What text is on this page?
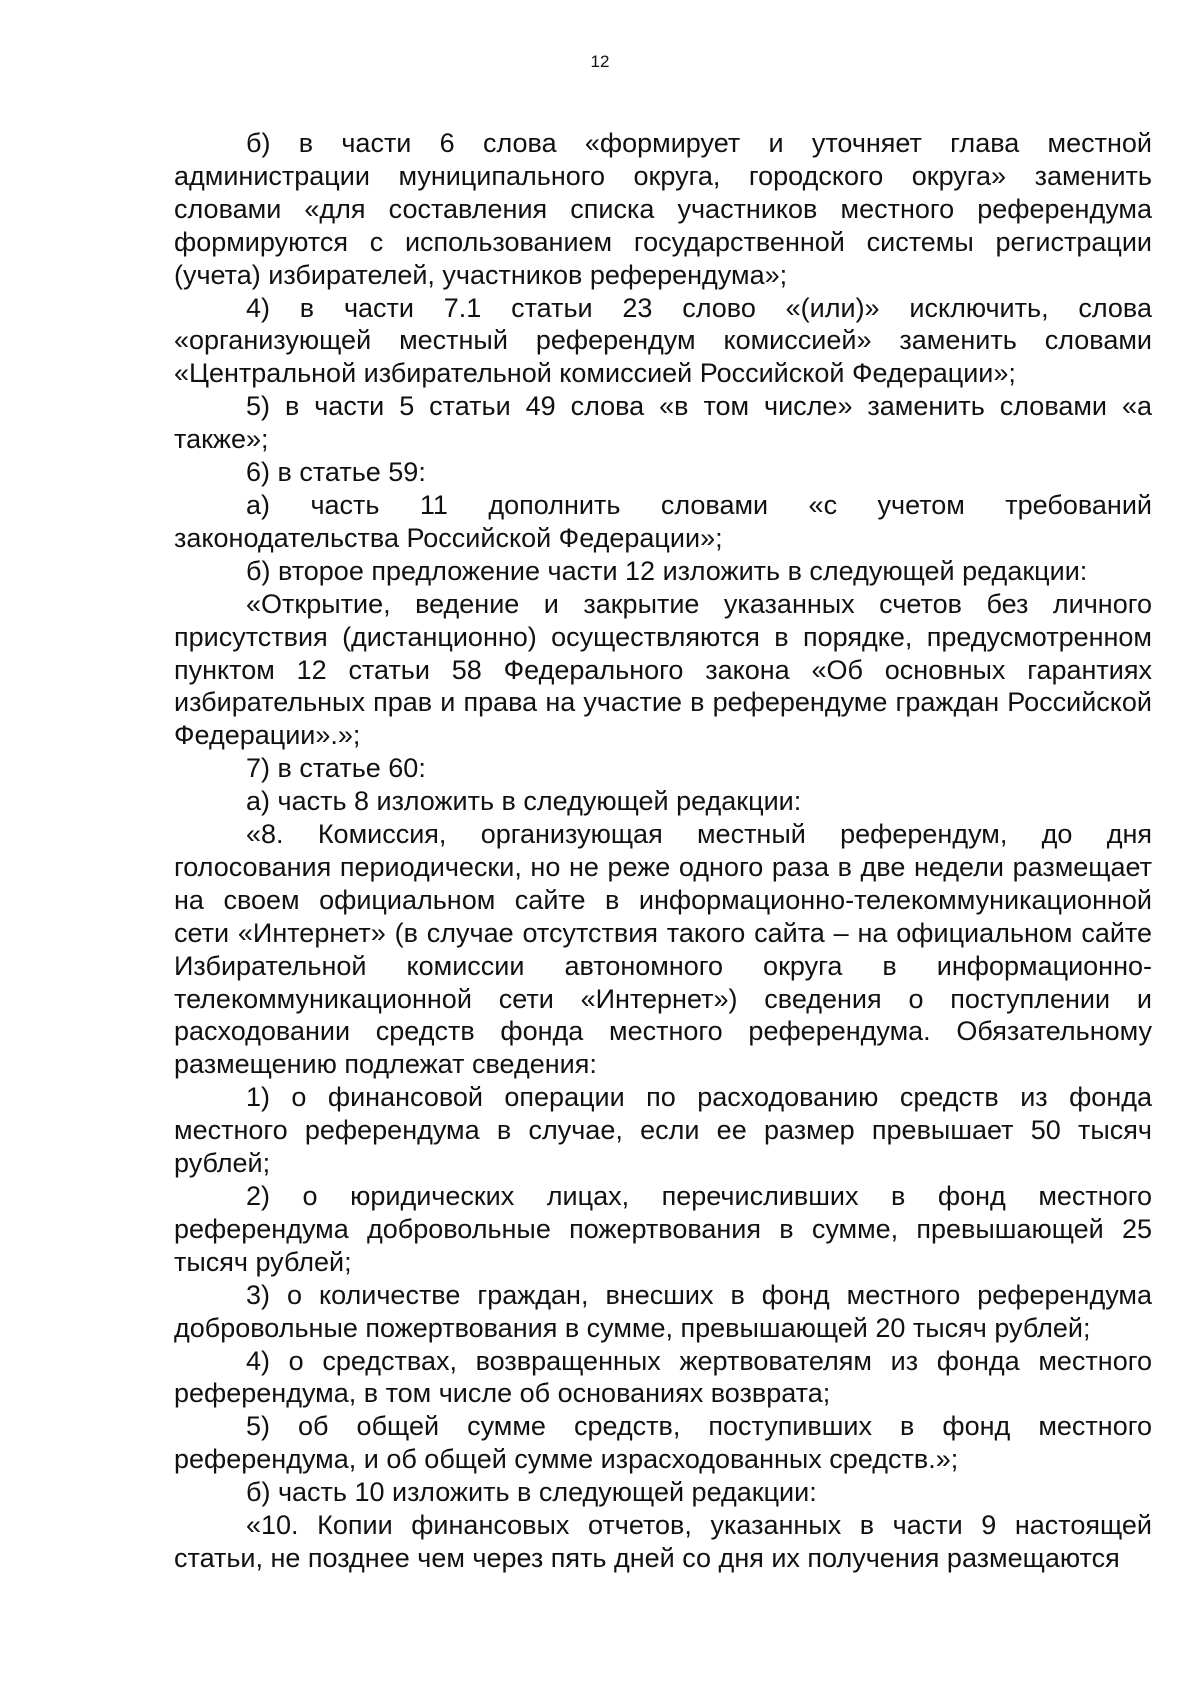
12

б) в части 6 слова «формирует и уточняет глава местной администрации муниципального округа, городского округа» заменить словами «для составления списка участников местного референдума формируются с использованием государственной системы регистрации (учета) избирателей, участников референдума»;

4) в части 7.1 статьи 23 слово «(или)» исключить, слова «организующей местный референдум комиссией» заменить словами «Центральной избирательной комиссией Российской Федерации»;

5) в части 5 статьи 49 слова «в том числе» заменить словами «а также»;

6) в статье 59:

а) часть 11 дополнить словами «с учетом требований законодательства Российской Федерации»;

б) второе предложение части 12 изложить в следующей редакции:

«Открытие, ведение и закрытие указанных счетов без личного присутствия (дистанционно) осуществляются в порядке, предусмотренном пунктом 12 статьи 58 Федерального закона «Об основных гарантиях избирательных прав и права на участие в референдуме граждан Российской Федерации».»;

7) в статье 60:

а) часть 8 изложить в следующей редакции:

«8. Комиссия, организующая местный референдум, до дня голосования периодически, но не реже одного раза в две недели размещает на своем официальном сайте в информационно-телекоммуникационной сети «Интернет» (в случае отсутствия такого сайта – на официальном сайте Избирательной комиссии автономного округа в информационно-телекоммуникационной сети «Интернет») сведения о поступлении и расходовании средств фонда местного референдума. Обязательному размещению подлежат сведения:

1) о финансовой операции по расходованию средств из фонда местного референдума в случае, если ее размер превышает 50 тысяч рублей;

2) о юридических лицах, перечисливших в фонд местного референдума добровольные пожертвования в сумме, превышающей 25 тысяч рублей;

3) о количестве граждан, внесших в фонд местного референдума добровольные пожертвования в сумме, превышающей 20 тысяч рублей;

4) о средствах, возвращенных жертвователям из фонда местного референдума, в том числе об основаниях возврата;

5) об общей сумме средств, поступивших в фонд местного референдума, и об общей сумме израсходованных средств.»;

б) часть 10 изложить в следующей редакции:

«10. Копии финансовых отчетов, указанных в части 9 настоящей статьи, не позднее чем через пять дней со дня их получения размещаются
